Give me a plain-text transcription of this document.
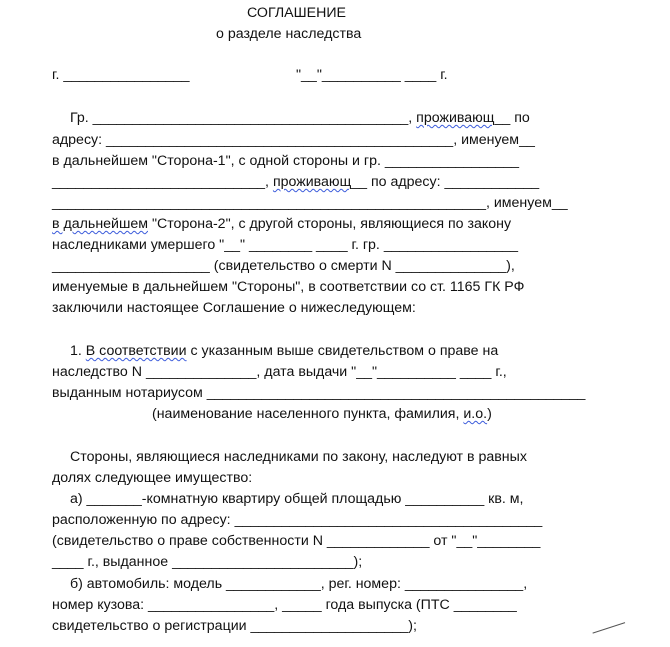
СОГЛАШЕНИЕ
о разделе наследства
г. ________________	"__"__________ ____ г.
Гр. ________________________________________, проживающ__ по
адресу: ____________________________________________, именуем__
в дальнейшем "Сторона-1", с одной стороны и гр. _________________
___________________________, проживающ__ по адресу: ____________
_______________________________________________________, именуем__
в дальнейшем "Сторона-2", с другой стороны, являющиеся по закону
наследниками умершего "__" ________ ____ г. гр. _________________
____________________ (свидетельство о смерти N ______________),
именуемые в дальнейшем "Стороны", в соответствии со ст. 1165 ГК РФ
заключили настоящее Соглашение о нижеследующем:
1. В соответствии с указанным выше свидетельством о праве на
наследство N ______________, дата выдачи "__"__________ ____ г.,
выданным нотариусом ________________________________________________
(наименование населенного пункта, фамилия, и.о.)
Стороны, являющиеся наследниками по закону, наследуют в равных
долях следующее имущество:
а) _______-комнатную квартиру общей площадью __________ кв. м,
расположенную по адресу: _______________________________________
(свидетельство о праве собственности N _____________ от "__"________
____ г., выданное _______________________);
б) автомобиль: модель ____________, рег. номер: _______________,
номер кузова: ________________, _____ года выпуска (ПТС ________
свидетельство о регистрации ____________________);
